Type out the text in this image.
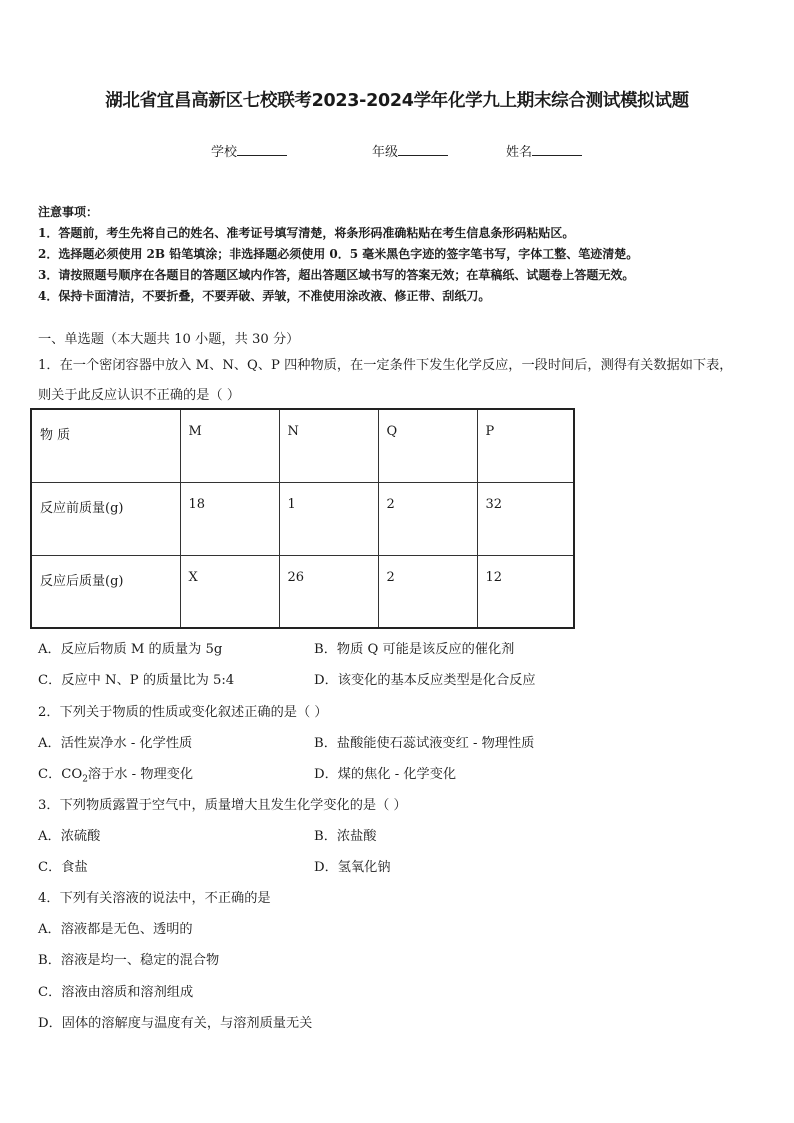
湖北省宜昌高新区七校联考2023-2024学年化学九上期末综合测试模拟试题
学校	年级	姓名
注意事项：
1．答题前，考生先将自己的姓名、准考证号填写清楚，将条形码准确粘贴在考生信息条形码粘贴区。
2．选择题必须使用 2B 铅笔填涂；非选择题必须使用 0．5 毫米黑色字迹的签字笔书写，字体工整、笔迹清楚。
3．请按照题号顺序在各题目的答题区域内作答，超出答题区域书写的答案无效；在草稿纸、试题卷上答题无效。
4．保持卡面清洁，不要折叠，不要弄破、弄皱，不准使用涂改液、修正带、刮纸刀。
一、单选题（本大题共 10 小题，共 30 分）
1．在一个密闭容器中放入 M、N、Q、P 四种物质，在一定条件下发生化学反应，一段时间后，测得有关数据如下表，
则关于此反应认识不正确的是（ ）
物 质	M	N	Q	P
反应前质量(g)	18	1	2	32
反应后质量(g)	X	26	2	12
A．反应后物质 M 的质量为 5g	B．物质 Q 可能是该反应的催化剂
C．反应中 N、P 的质量比为 5:4	D．该变化的基本反应类型是化合反应
2．下列关于物质的性质或变化叙述正确的是（ ）
A．活性炭净水 - 化学性质	B．盐酸能使石蕊试液变红 - 物理性质
C．$CO_2$溶于水 - 物理变化	D．煤的焦化 - 化学变化
3．下列物质露置于空气中，质量增大且发生化学变化的是（ ）
A．浓硫酸	B．浓盐酸
C．食盐	D．氢氧化钠
4．下列有关溶液的说法中，不正确的是
A．溶液都是无色、透明的
B．溶液是均一、稳定的混合物
C．溶液由溶质和溶剂组成
D．固体的溶解度与温度有关，与溶剂质量无关
